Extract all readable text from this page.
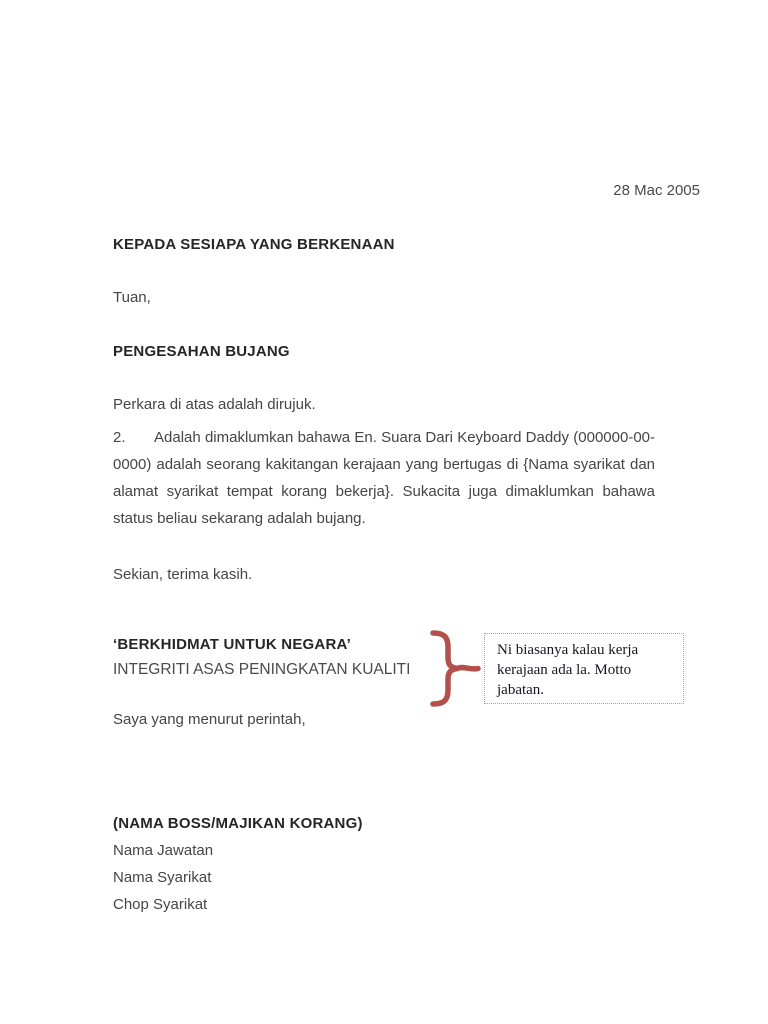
28 Mac 2005
KEPADA SESIAPA YANG BERKENAAN
Tuan,
PENGESAHAN BUJANG
Perkara di atas adalah dirujuk.

2. Adalah dimaklumkan bahawa En. Suara Dari Keyboard Daddy (000000-00-0000) adalah seorang kakitangan kerajaan yang bertugas di {Nama syarikat dan alamat syarikat tempat korang bekerja}. Sukacita juga dimaklumkan bahawa status beliau sekarang adalah bujang.

Sekian, terima kasih.
‘BERKHIDMAT UNTUK NEGARA’
INTEGRITI ASAS PENINGKATAN KUALITI
Ni biasanya kalau kerja kerajaan ada la. Motto jabatan.
Saya yang menurut perintah,
(NAMA BOSS/MAJIKAN KORANG)
Nama Jawatan
Nama Syarikat
Chop Syarikat
